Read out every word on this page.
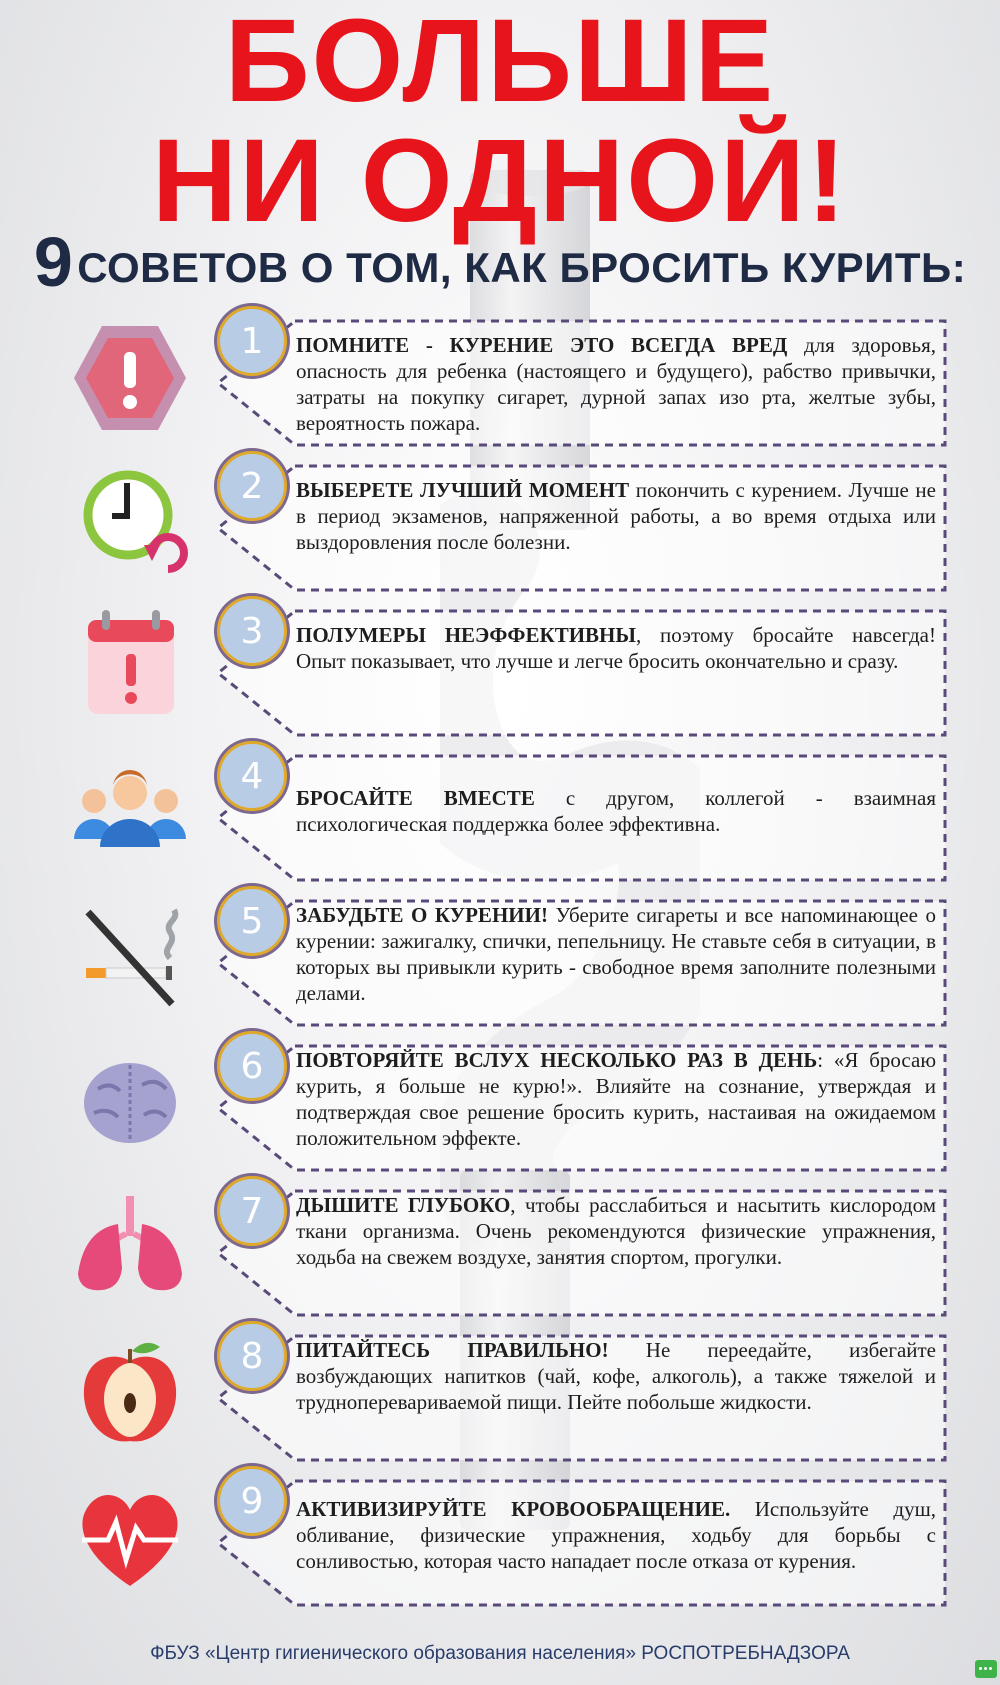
БОЛЬШЕ
НИ ОДНОЙ!

9 СОВЕТОВ О ТОМ, КАК БРОСИТЬ КУРИТЬ:

1	ПОМНИТЕ - КУРЕНИЕ ЭТО ВСЕГДА ВРЕД для здоровья, опасность для ребенка (настоящего и будущего), рабство привычки, затраты на покупку сигарет, дурной запах изо рта, желтые зубы, вероятность пожара.

2	ВЫБЕРЕТЕ ЛУЧШИЙ МОМЕНТ покончить с курением. Лучше не в период экзаменов, напряженной работы, а во время отдыха или выздоровления после болезни.

3	ПОЛУМЕРЫ НЕЭФФЕКТИВНЫ, поэтому бросайте навсегда! Опыт показывает, что лучше и легче бросить окончательно и сразу.

4

БРОСАЙТЕ ВМЕСТЕ с другом, коллегой - взаимная психологическая поддержка более эффективна.

5	ЗАБУДЬТЕ О КУРЕНИИ! Уберите сигареты и все напоминающее о курении: зажигалку, спички, пепельницу. Не ставьте себя в ситуации, в которых вы привыкли курить - свободное время заполните полезными делами.

6	ПОВТОРЯЙТЕ ВСЛУХ НЕСКОЛЬКО РАЗ В ДЕНЬ: «Я бросаю курить, я больше не курю!». Влияйте на сознание, утверждая и подтверждая свое решение бросить курить, настаивая на ожидаемом положительном эффекте.

7	ДЫШИТЕ ГЛУБОКО, чтобы расслабиться и насытить кислородом ткани организма. Очень рекомендуются физические упражнения, ходьба на свежем воздухе, занятия спортом, прогулки.

8	ПИТАЙТЕСЬ ПРАВИЛЬНО! Не переедайте, избегайте возбуждающих напитков (чай, кофе, алкоголь), а также тяжелой и трудноперевариваемой пищи. Пейте побольше жидкости.

9	АКТИВИЗИРУЙТЕ КРОВООБРАЩЕНИЕ. Используйте душ, обливание, физические упражнения, ходьбу для борьбы с сонливостью, которая часто нападает после отказа от курения.

ФБУЗ «Центр гигиенического образования населения» РОСПОТРЕБНАДЗОРА
